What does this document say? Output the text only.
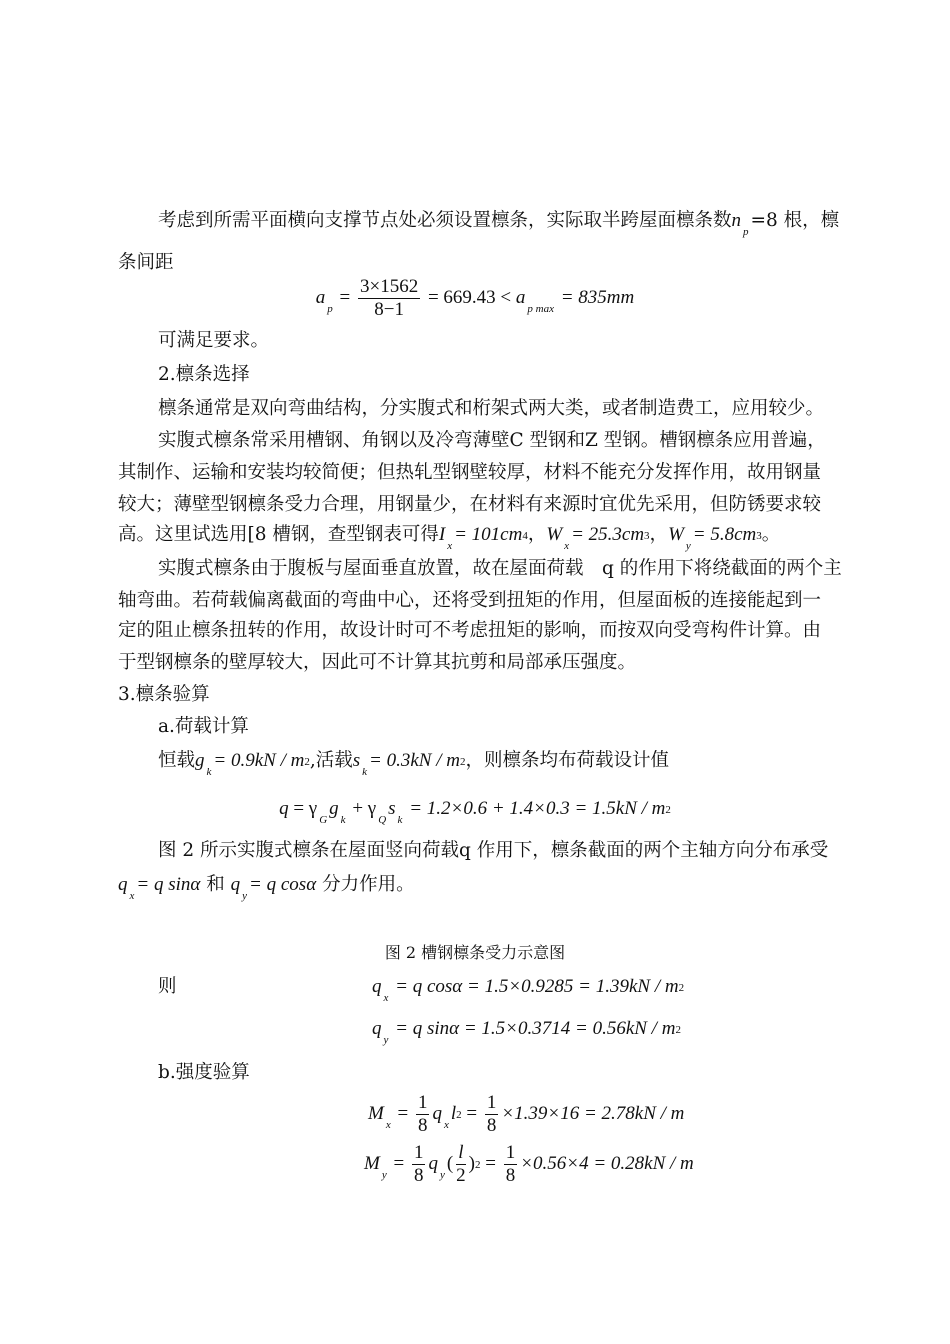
考虑到所需平面横向支撑节点处必须设置檩条，实际取半跨屋面檩条数$n_p=8$ 根，檩
条间距
$a_p = \frac{3\times 1562}{8-1} = 669.43 < a_{p max} = 835mm$
可满足要求。
2.檩条选择
檩条通常是双向弯曲结构，分实腹式和桁架式两大类，或者制造费工，应用较少。
实腹式檩条常采用槽钢、角钢以及冷弯薄壁C 型钢和Z 型钢。槽钢檩条应用普遍，
其制作、运输和安装均较简便；但热轧型钢壁较厚，材料不能充分发挥作用，故用钢量
较大；薄壁型钢檩条受力合理，用钢量少，在材料有来源时宜优先采用，但防锈要求较
高。这里试选用[8 槽钢，查型钢表可得$I_x= 101cm4$，$W_x= 25.3cm3$，$W_y= 5.8cm3$。
实腹式檩条由于腹板与屋面垂直放置，故在屋面荷载　q 的作用下将绕截面的两个主
轴弯曲。若荷载偏离截面的弯曲中心，还将受到扭矩的作用，但屋面板的连接能起到一
定的阻止檩条扭转的作用，故设计时可不考虑扭矩的影响，而按双向受弯构件计算。由
于型钢檩条的壁厚较大，因此可不计算其抗剪和局部承压强度。
3.檩条验算
a.荷载计算
恒载$g_k= 0.9kN / m2$,活载$s_k= 0.3kN / m2$，则檩条均布荷载设计值
$q = \gamma_Gg_k + \gamma_Qs_k = 1.2\times 0.6 + 1.4\times 0.3 = 1.5kN / m2$
图 2 所示实腹式檩条在屋面竖向荷载q 作用下，檩条截面的两个主轴方向分布承受
$q_x= q$ sinα 和 $q_y= q$ cosα 分力作用。
图 2 槽钢檩条受力示意图
则	$q_x = q$ cosα = 1.5×0.9285 = 1.39kN / m2
$q_y = q$ sinα = 1.5×0.3714 = 0.56kN / m2
b.强度验算
$M_x = \frac{1}{8} q_xl2 = \frac{1}{8} \times 1.39\times 16 = 2.78kN / m$
$M_y = \frac{1}{8} q_y( \frac{l}{2} )2 = \frac{1}{8} \times 0.56\times 4 = 0.28kN / m$
